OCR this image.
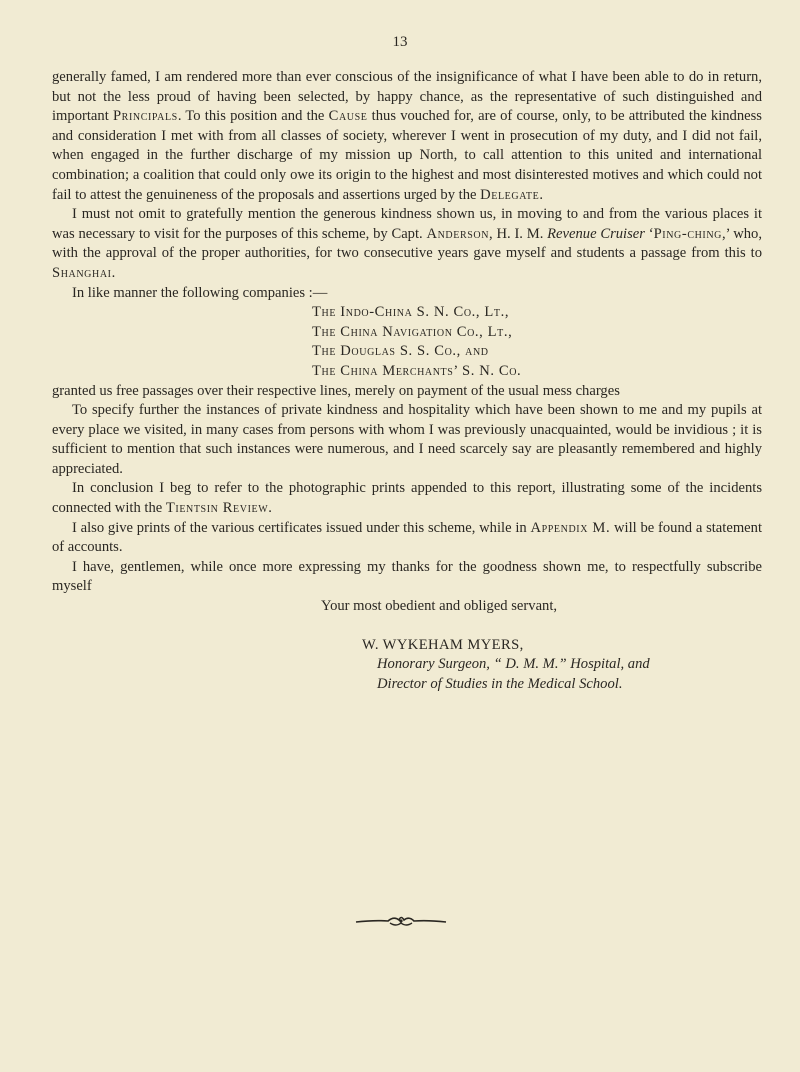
13

generally famed, I am rendered more than ever conscious of the insignificance of what I have been able to do in return, but not the less proud of having been selected, by happy chance, as the representative of such distinguished and important Principals. To this position and the Cause thus vouched for, are of course, only, to be attributed the kindness and consideration I met with from all classes of society, wherever I went in prosecution of my duty, and I did not fail, when engaged in the further discharge of my mission up North, to call attention to this united and international combination; a coalition that could only owe its origin to the highest and most disinterested motives and which could not fail to attest the genuineness of the proposals and assertions urged by the Delegate.

I must not omit to gratefully mention the generous kindness shown us, in moving to and from the various places it was necessary to visit for the purposes of this scheme, by Capt. Anderson, H. I. M. Revenue Cruiser ‘Ping-ching,’ who, with the approval of the proper authorities, for two consecutive years gave myself and students a passage from this to Shanghai.

In like manner the following companies :—

The Indo-China S. N. Co., Lt.,
The China Navigation Co., Lt.,
The Douglas S. S. Co., and
The China Merchants’ S. N. Co.

granted us free passages over their respective lines, merely on payment of the usual mess charges

To specify further the instances of private kindness and hospitality which have been shown to me and my pupils at every place we visited, in many cases from persons with whom I was previously unacquainted, would be invidious ; it is sufficient to mention that such instances were numerous, and I need scarcely say are pleasantly remembered and highly appreciated.

In conclusion I beg to refer to the photographic prints appended to this report, illustrating some of the incidents connected with the Tientsin Review.

I also give prints of the various certificates issued under this scheme, while in Appendix M. will be found a statement of accounts.

I have, gentlemen, while once more expressing my thanks for the goodness shown me, to respectfully subscribe myself

Your most obedient and obliged servant,

W. WYKEHAM MYERS,
Honorary Surgeon, “ D. M. M.” Hospital, and
Director of Studies in the Medical School.
